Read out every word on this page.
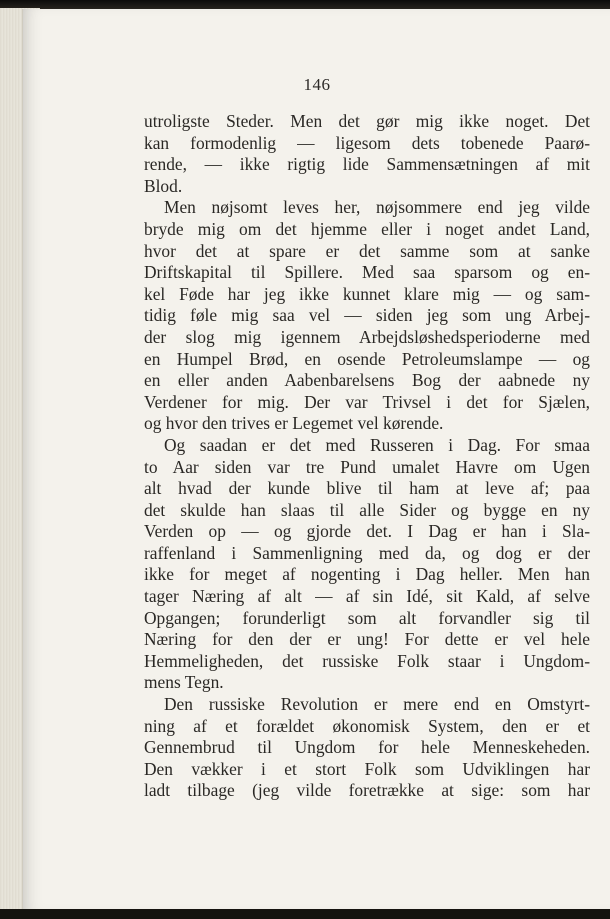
146
utroligste Steder. Men det gør mig ikke noget. Det
kan formodenlig — ligesom dets tobenede Paarø-
rende, — ikke rigtig lide Sammensætningen af mit
Blod.
Men nøjsomt leves her, nøjsommere end jeg vilde
bryde mig om det hjemme eller i noget andet Land,
hvor det at spare er det samme som at sanke
Driftskapital til Spillere. Med saa sparsom og en-
kel Føde har jeg ikke kunnet klare mig — og sam-
tidig føle mig saa vel — siden jeg som ung Arbej-
der slog mig igennem Arbejdsløshedsperioderne med
en Humpel Brød, en osende Petroleumslampe — og
en eller anden Aabenbarelsens Bog der aabnede ny
Verdener for mig. Der var Trivsel i det for Sjælen,
og hvor den trives er Legemet vel kørende.
Og saadan er det med Russeren i Dag. For smaa
to Aar siden var tre Pund umalet Havre om Ugen
alt hvad der kunde blive til ham at leve af; paa
det skulde han slaas til alle Sider og bygge en ny
Verden op — og gjorde det. I Dag er han i Sla-
raffenland i Sammenligning med da, og dog er der
ikke for meget af nogenting i Dag heller. Men han
tager Næring af alt — af sin Idé, sit Kald, af selve
Opgangen; forunderligt som alt forvandler sig til
Næring for den der er ung! For dette er vel hele
Hemmeligheden, det russiske Folk staar i Ungdom-
mens Tegn.
Den russiske Revolution er mere end en Omstyrt-
ning af et forældet økonomisk System, den er et
Gennembrud til Ungdom for hele Menneskeheden.
Den vækker i et stort Folk som Udviklingen har
ladt tilbage (jeg vilde foretrække at sige: som har
